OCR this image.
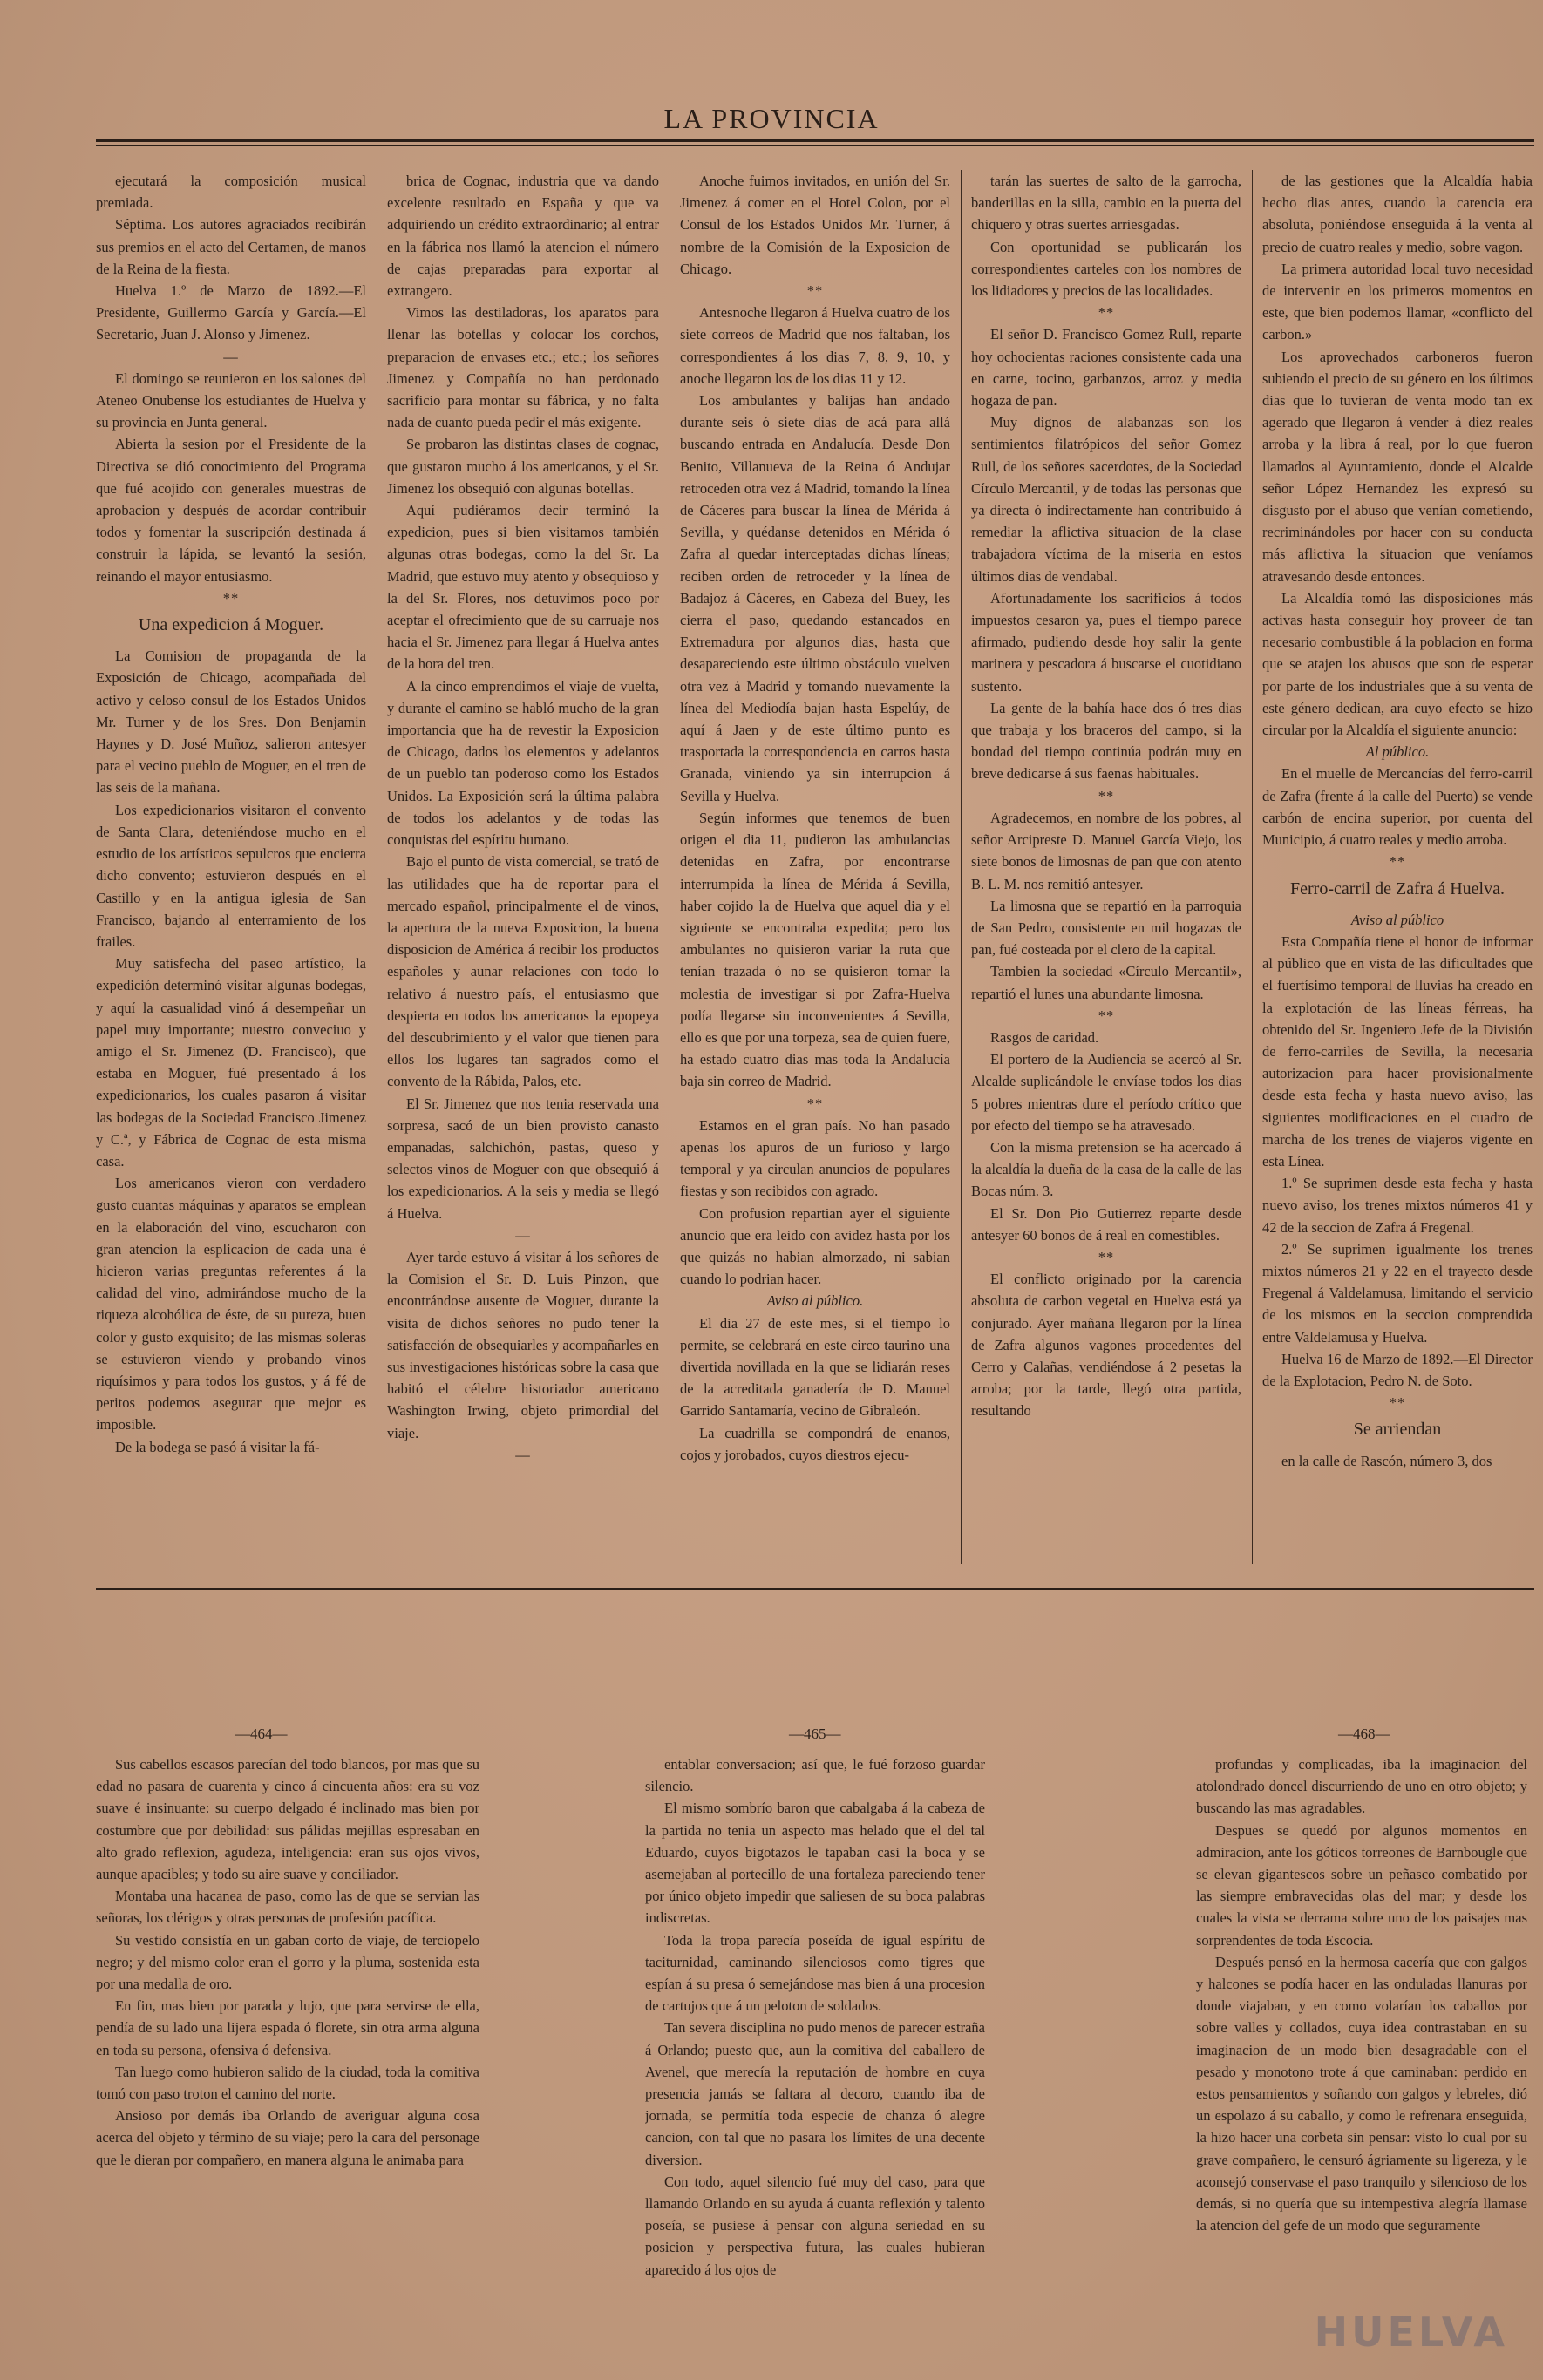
LA PROVINCIA

ejecutará la composición musical premiada.

Séptima. Los autores agraciados recibirán sus premios en el acto del Certamen, de manos de la Reina de la fiesta.

Huelva 1.º de Marzo de 1892.—El Presidente, Guillermo García y García.—El Secretario, Juan J. Alonso y Jimenez.

—

El domingo se reunieron en los salones del Ateneo Onubense los estudiantes de Huelva y su provincia en Junta general.

Abierta la sesion por el Presidente de la Directiva se dió conocimiento del Programa que fué acojido con generales muestras de aprobacion y después de acordar contribuir todos y fomentar la suscripción destinada á construir la lápida, se levantó la sesión, reinando el mayor entusiasmo.

**

Una expedicion á Moguer.

La Comision de propaganda de la Exposición de Chicago, acompañada del activo y celoso consul de los Estados Unidos Mr. Turner y de los Sres. Don Benjamin Haynes y D. José Muñoz, salieron antesyer para el vecino pueblo de Moguer, en el tren de las seis de la mañana.

Los expedicionarios visitaron el convento de Santa Clara, deteniéndose mucho en el estudio de los artísticos sepulcros que encierra dicho convento; estuvieron después en el Castillo y en la antigua iglesia de San Francisco, bajando al enterramiento de los frailes.

Muy satisfecha del paseo artístico, la expedición determinó visitar algunas bodegas, y aquí la casualidad vinó á desempeñar un papel muy importante; nuestro conveciuo y amigo el Sr. Jimenez (D. Francisco), que estaba en Moguer, fué presentado á los expedicionarios, los cuales pasaron á visitar las bodegas de la Sociedad Francisco Jimenez y C.ª, y Fábrica de Cognac de esta misma casa.

Los americanos vieron con verdadero gusto cuantas máquinas y aparatos se emplean en la elaboración del vino, escucharon con gran atencion la esplicacion de cada una é hicieron varias preguntas referentes á la calidad del vino, admirándose mucho de la riqueza alcohólica de éste, de su pureza, buen color y gusto exquisito; de las mismas soleras se estuvieron viendo y probando vinos riquísimos y para todos los gustos, y á fé de peritos podemos asegurar que mejor es imposible.

De la bodega se pasó á visitar la fá-

brica de Cognac, industria que va dando excelente resultado en España y que va adquiriendo un crédito extraordinario; al entrar en la fábrica nos llamó la atencion el número de cajas preparadas para exportar al extrangero.

Vimos las destiladoras, los aparatos para llenar las botellas y colocar los corchos, preparacion de envases etc.; etc.; los señores Jimenez y Compañía no han perdonado sacrificio para montar su fábrica, y no falta nada de cuanto pueda pedir el más exigente.

Se probaron las distintas clases de cognac, que gustaron mucho á los americanos, y el Sr. Jimenez los obsequió con algunas botellas.

Aquí pudiéramos decir terminó la expedicion, pues si bien visitamos también algunas otras bodegas, como la del Sr. La Madrid, que estuvo muy atento y obsequioso y la del Sr. Flores, nos detuvimos poco por aceptar el ofrecimiento que de su carruaje nos hacia el Sr. Jimenez para llegar á Huelva antes de la hora del tren.

A la cinco emprendimos el viaje de vuelta, y durante el camino se habló mucho de la gran importancia que ha de revestir la Exposicion de Chicago, dados los elementos y adelantos de un pueblo tan poderoso como los Estados Unidos. La Exposición será la última palabra de todos los adelantos y de todas las conquistas del espíritu humano.

Bajo el punto de vista comercial, se trató de las utilidades que ha de reportar para el mercado español, principalmente el de vinos, la apertura de la nueva Exposicion, la buena disposicion de América á recibir los productos españoles y aunar relaciones con todo lo relativo á nuestro país, el entusiasmo que despierta en todos los americanos la epopeya del descubrimiento y el valor que tienen para ellos los lugares tan sagrados como el convento de la Rábida, Palos, etc.

El Sr. Jimenez que nos tenia reservada una sorpresa, sacó de un bien provisto canasto empanadas, salchichón, pastas, queso y selectos vinos de Moguer con que obsequió á los expedicionarios. A la seis y media se llegó á Huelva.

—

Ayer tarde estuvo á visitar á los señores de la Comision el Sr. D. Luis Pinzon, que encontrándose ausente de Moguer, durante la visita de dichos señores no pudo tener la satisfacción de obsequiarles y acompañarles en sus investigaciones históricas sobre la casa que habitó el célebre historiador americano Washington Irwing, objeto primordial del viaje.

—

Anoche fuimos invitados, en unión del Sr. Jimenez á comer en el Hotel Colon, por el Consul de los Estados Unidos Mr. Turner, á nombre de la Comisión de la Exposicion de Chicago.

**

Antesnoche llegaron á Huelva cuatro de los siete correos de Madrid que nos faltaban, los correspondientes á los dias 7, 8, 9, 10, y anoche llegaron los de los dias 11 y 12.

Los ambulantes y balijas han andado durante seis ó siete dias de acá para allá buscando entrada en Andalucía. Desde Don Benito, Villanueva de la Reina ó Andujar retroceden otra vez á Madrid, tomando la línea de Cáceres para buscar la línea de Mérida á Sevilla, y quédanse detenidos en Mérida ó Zafra al quedar interceptadas dichas líneas; reciben orden de retroceder y la línea de Badajoz á Cáceres, en Cabeza del Buey, les cierra el paso, quedando estancados en Extremadura por algunos dias, hasta que desapareciendo este último obstáculo vuelven otra vez á Madrid y tomando nuevamente la línea del Mediodía bajan hasta Espelúy, de aquí á Jaen y de este último punto es trasportada la correspondencia en carros hasta Granada, viniendo ya sin interrupcion á Sevilla y Huelva.

Según informes que tenemos de buen origen el dia 11, pudieron las ambulancias detenidas en Zafra, por encontrarse interrumpida la línea de Mérida á Sevilla, haber cojido la de Huelva que aquel dia y el siguiente se encontraba expedita; pero los ambulantes no quisieron variar la ruta que tenían trazada ó no se quisieron tomar la molestia de investigar si por Zafra-Huelva podía llegarse sin inconvenientes á Sevilla, ello es que por una torpeza, sea de quien fuere, ha estado cuatro dias mas toda la Andalucía baja sin correo de Madrid.

**

Estamos en el gran país. No han pasado apenas los apuros de un furioso y largo temporal y ya circulan anuncios de populares fiestas y son recibidos con agrado.

Con profusion repartian ayer el siguiente anuncio que era leido con avidez hasta por los que quizás no habian almorzado, ni sabian cuando lo podrian hacer.

Aviso al público.

El dia 27 de este mes, si el tiempo lo permite, se celebrará en este circo taurino una divertida novillada en la que se lidiarán reses de la acreditada ganadería de D. Manuel Garrido Santamaría, vecino de Gibraleón.

La cuadrilla se compondrá de enanos, cojos y jorobados, cuyos diestros ejecu-

tarán las suertes de salto de la garrocha, banderillas en la silla, cambio en la puerta del chiquero y otras suertes arriesgadas.

Con oportunidad se publicarán los correspondientes carteles con los nombres de los lidiadores y precios de las localidades.

**

El señor D. Francisco Gomez Rull, reparte hoy ochocientas raciones consistente cada una en carne, tocino, garbanzos, arroz y media hogaza de pan.

Muy dignos de alabanzas son los sentimientos filatrópicos del señor Gomez Rull, de los señores sacerdotes, de la Sociedad Círculo Mercantil, y de todas las personas que ya directa ó indirectamente han contribuido á remediar la aflictiva situacion de la clase trabajadora víctima de la miseria en estos últimos dias de vendabal.

Afortunadamente los sacrificios á todos impuestos cesaron ya, pues el tiempo parece afirmado, pudiendo desde hoy salir la gente marinera y pescadora á buscarse el cuotidiano sustento.

La gente de la bahía hace dos ó tres dias que trabaja y los braceros del campo, si la bondad del tiempo continúa podrán muy en breve dedicarse á sus faenas habituales.

**

Agradecemos, en nombre de los pobres, al señor Arcipreste D. Manuel García Viejo, los siete bonos de limosnas de pan que con atento B. L. M. nos remitió antesyer.

La limosna que se repartió en la parroquia de San Pedro, consistente en mil hogazas de pan, fué costeada por el clero de la capital.

Tambien la sociedad «Círculo Mercantil», repartió el lunes una abundante limosna.

**

Rasgos de caridad.

El portero de la Audiencia se acercó al Sr. Alcalde suplicándole le envíase todos los dias 5 pobres mientras dure el período crítico que por efecto del tiempo se ha atravesado.

Con la misma pretension se ha acercado á la alcaldía la dueña de la casa de la calle de las Bocas núm. 3.

El Sr. Don Pio Gutierrez reparte desde antesyer 60 bonos de á real en comestibles.

**

El conflicto originado por la carencia absoluta de carbon vegetal en Huelva está ya conjurado. Ayer mañana llegaron por la línea de Zafra algunos vagones procedentes del Cerro y Calañas, vendiéndose á 2 pesetas la arroba; por la tarde, llegó otra partida, resultando

de las gestiones que la Alcaldía habia hecho dias antes, cuando la carencia era absoluta, poniéndose enseguida á la venta al precio de cuatro reales y medio, sobre vagon.

La primera autoridad local tuvo necesidad de intervenir en los primeros momentos en este, que bien podemos llamar, «conflicto del carbon.»

Los aprovechados carboneros fueron subiendo el precio de su género en los últimos dias que lo tuvieran de venta modo tan ex agerado que llegaron á vender á diez reales arroba y la libra á real, por lo que fueron llamados al Ayuntamiento, donde el Alcalde señor López Hernandez les expresó su disgusto por el abuso que venían cometiendo, recriminándoles por hacer con su conducta más aflictiva la situacion que veníamos atravesando desde entonces.

La Alcaldía tomó las disposiciones más activas hasta conseguir hoy proveer de tan necesario combustible á la poblacion en forma que se atajen los abusos que son de esperar por parte de los industriales que á su venta de este género dedican, ara cuyo efecto se hizo circular por la Alcaldía el siguiente anuncio:

Al público.

En el muelle de Mercancías del ferro-carril de Zafra (frente á la calle del Puerto) se vende carbón de encina superior, por cuenta del Municipio, á cuatro reales y medio arroba.

**

Ferro-carril de Zafra á Huelva.

Aviso al público

Esta Compañía tiene el honor de informar al público que en vista de las dificultades que el fuertísimo temporal de lluvias ha creado en la explotación de las líneas férreas, ha obtenido del Sr. Ingeniero Jefe de la División de ferro-carriles de Sevilla, la necesaria autorizacion para hacer provisionalmente desde esta fecha y hasta nuevo aviso, las siguientes modificaciones en el cuadro de marcha de los trenes de viajeros vigente en esta Línea.

1.º Se suprimen desde esta fecha y hasta nuevo aviso, los trenes mixtos números 41 y 42 de la seccion de Zafra á Fregenal.

2.º Se suprimen igualmente los trenes mixtos números 21 y 22 en el trayecto desde Fregenal á Valdelamusa, limitando el servicio de los mismos en la seccion comprendida entre Valdelamusa y Huelva.

Huelva 16 de Marzo de 1892.—El Director de la Explotacion, Pedro N. de Soto.

**

Se arriendan

en la calle de Rascón, número 3, dos

—464—	—465—	—468—

Sus cabellos escasos parecían del todo blancos, por mas que su edad no pasara de cuarenta y cinco á cincuenta años: era su voz suave é insinuante: su cuerpo delgado é inclinado mas bien por costumbre que por debilidad: sus pálidas mejillas espresaban en alto grado reflexion, agudeza, inteligencia: eran sus ojos vivos, aunque apacibles; y todo su aire suave y conciliador.

Montaba una hacanea de paso, como las de que se servian las señoras, los clérigos y otras personas de profesión pacífica.

Su vestido consistía en un gaban corto de viaje, de terciopelo negro; y del mismo color eran el gorro y la pluma, sostenida esta por una medalla de oro.

En fin, mas bien por parada y lujo, que para servirse de ella, pendía de su lado una lijera espada ó florete, sin otra arma alguna en toda su persona, ofensiva ó defensiva.

Tan luego como hubieron salido de la ciudad, toda la comitiva tomó con paso troton el camino del norte.

Ansioso por demás iba Orlando de averiguar alguna cosa acerca del objeto y término de su viaje; pero la cara del personage que le dieran por compañero, en manera alguna le animaba para

entablar conversacion; así que, le fué forzoso guardar silencio.

El mismo sombrío baron que cabalgaba á la cabeza de la partida no tenia un aspecto mas helado que el del tal Eduardo, cuyos bigotazos le tapaban casi la boca y se asemejaban al portecillo de una fortaleza pareciendo tener por único objeto impedir que saliesen de su boca palabras indiscretas.

Toda la tropa parecía poseída de igual espíritu de taciturnidad, caminando silenciosos como tigres que espían á su presa ó semejándose mas bien á una procesion de cartujos que á un peloton de soldados.

Tan severa disciplina no pudo menos de parecer estraña á Orlando; puesto que, aun la comitiva del caballero de Avenel, que merecía la reputación de hombre en cuya presencia jamás se faltara al decoro, cuando iba de jornada, se permitía toda especie de chanza ó alegre cancion, con tal que no pasara los límites de una decente diversion.

Con todo, aquel silencio fué muy del caso, para que llamando Orlando en su ayuda á cuanta reflexión y talento poseía, se pusiese á pensar con alguna seriedad en su posicion y perspectiva futura, las cuales hubieran aparecido á los ojos de

profundas y complicadas, iba la imaginacion del atolondrado doncel discurriendo de uno en otro objeto; y buscando las mas agradables.

Despues se quedó por algunos momentos en admiracion, ante los góticos torreones de Barnbougle que se elevan gigantescos sobre un peñasco combatido por las siempre embravecidas olas del mar; y desde los cuales la vista se derrama sobre uno de los paisajes mas sorprendentes de toda Escocia.

Después pensó en la hermosa cacería que con galgos y halcones se podía hacer en las onduladas llanuras por donde viajaban, y en como volarían los caballos por sobre valles y collados, cuya idea contrastaban en su imaginacion de un modo bien desagradable con el pesado y monotono trote á que caminaban: perdido en estos pensamientos y soñando con galgos y lebreles, dió un espolazo á su caballo, y como le refrenara enseguida, la hizo hacer una corbeta sin pensar: visto lo cual por su grave compañero, le censuró ágriamente su ligereza, y le aconsejó conservase el paso tranquilo y silencioso de los demás, si no quería que su intempestiva alegría llamase la atencion del gefe de un modo que seguramente

HUELVA
